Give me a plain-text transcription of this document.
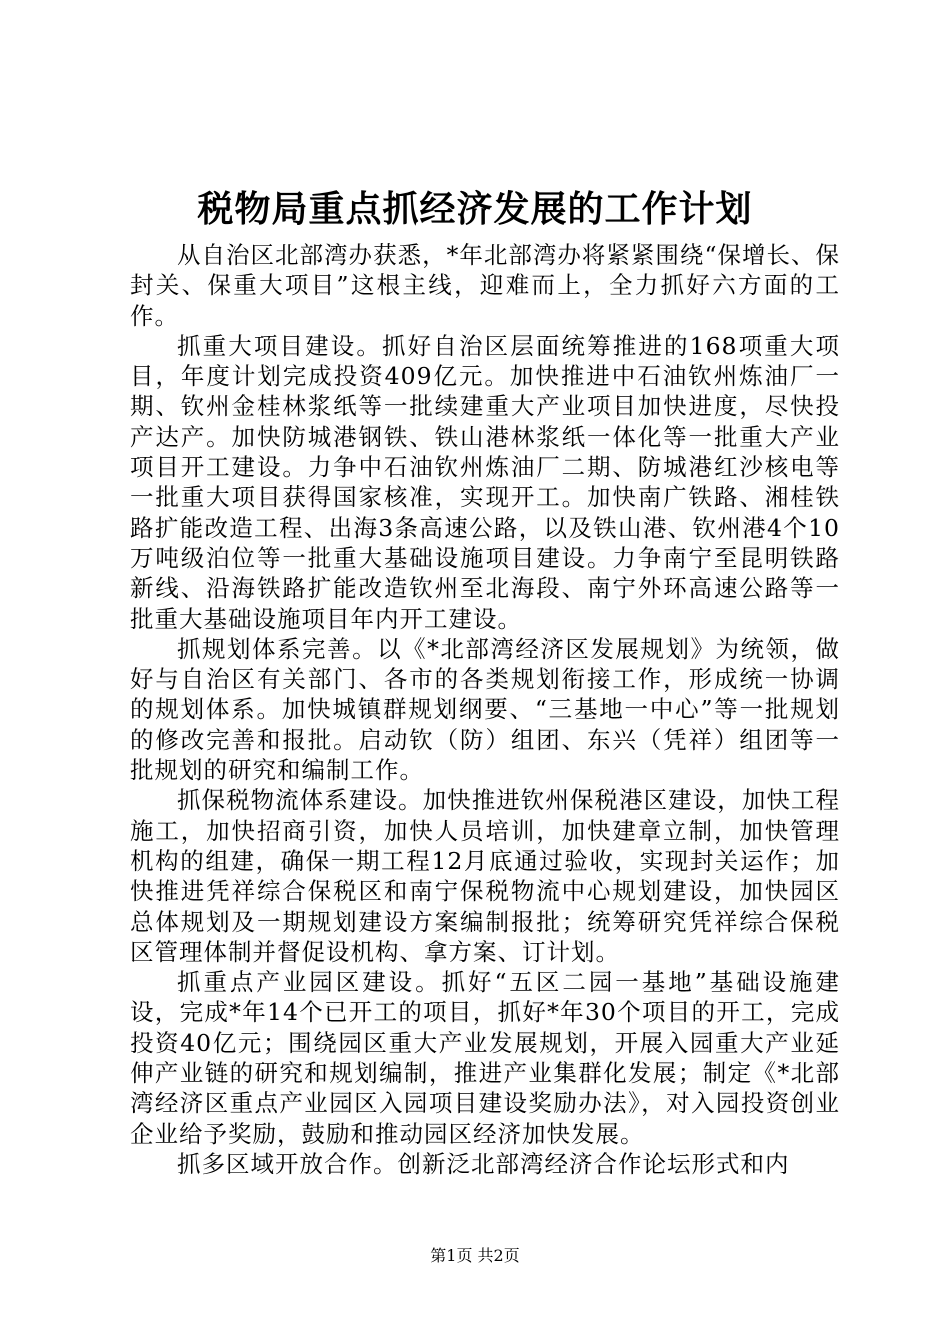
税物局重点抓经济发展的工作计划

从自治区北部湾办获悉，*年北部湾办将紧紧围绕“保增长、保封关、保重大项目”这根主线，迎难而上，全力抓好六方面的工作。

抓重大项目建设。抓好自治区层面统筹推进的168项重大项目，年度计划完成投资409亿元。加快推进中石油钦州炼油厂一期、钦州金桂林浆纸等一批续建重大产业项目加快进度，尽快投产达产。加快防城港钢铁、铁山港林浆纸一体化等一批重大产业项目开工建设。力争中石油钦州炼油厂二期、防城港红沙核电等一批重大项目获得国家核准，实现开工。加快南广铁路、湘桂铁路扩能改造工程、出海3条高速公路，以及铁山港、钦州港4个10万吨级泊位等一批重大基础设施项目建设。力争南宁至昆明铁路新线、沿海铁路扩能改造钦州至北海段、南宁外环高速公路等一批重大基础设施项目年内开工建设。

抓规划体系完善。以《*北部湾经济区发展规划》为统领，做好与自治区有关部门、各市的各类规划衔接工作，形成统一协调的规划体系。加快城镇群规划纲要、“三基地一中心”等一批规划的修改完善和报批。启动钦（防）组团、东兴（凭祥）组团等一批规划的研究和编制工作。

抓保税物流体系建设。加快推进钦州保税港区建设，加快工程施工，加快招商引资，加快人员培训，加快建章立制，加快管理机构的组建，确保一期工程12月底通过验收，实现封关运作；加快推进凭祥综合保税区和南宁保税物流中心规划建设，加快园区总体规划及一期规划建设方案编制报批；统筹研究凭祥综合保税区管理体制并督促设机构、拿方案、订计划。

抓重点产业园区建设。抓好“五区二园一基地”基础设施建设，完成*年14个已开工的项目，抓好*年30个项目的开工，完成投资40亿元；围绕园区重大产业发展规划，开展入园重大产业延伸产业链的研究和规划编制，推进产业集群化发展；制定《*北部湾经济区重点产业园区入园项目建设奖励办法》，对入园投资创业企业给予奖励，鼓励和推动园区经济加快发展。

抓多区域开放合作。创新泛北部湾经济合作论坛形式和内

第1页 共2页
